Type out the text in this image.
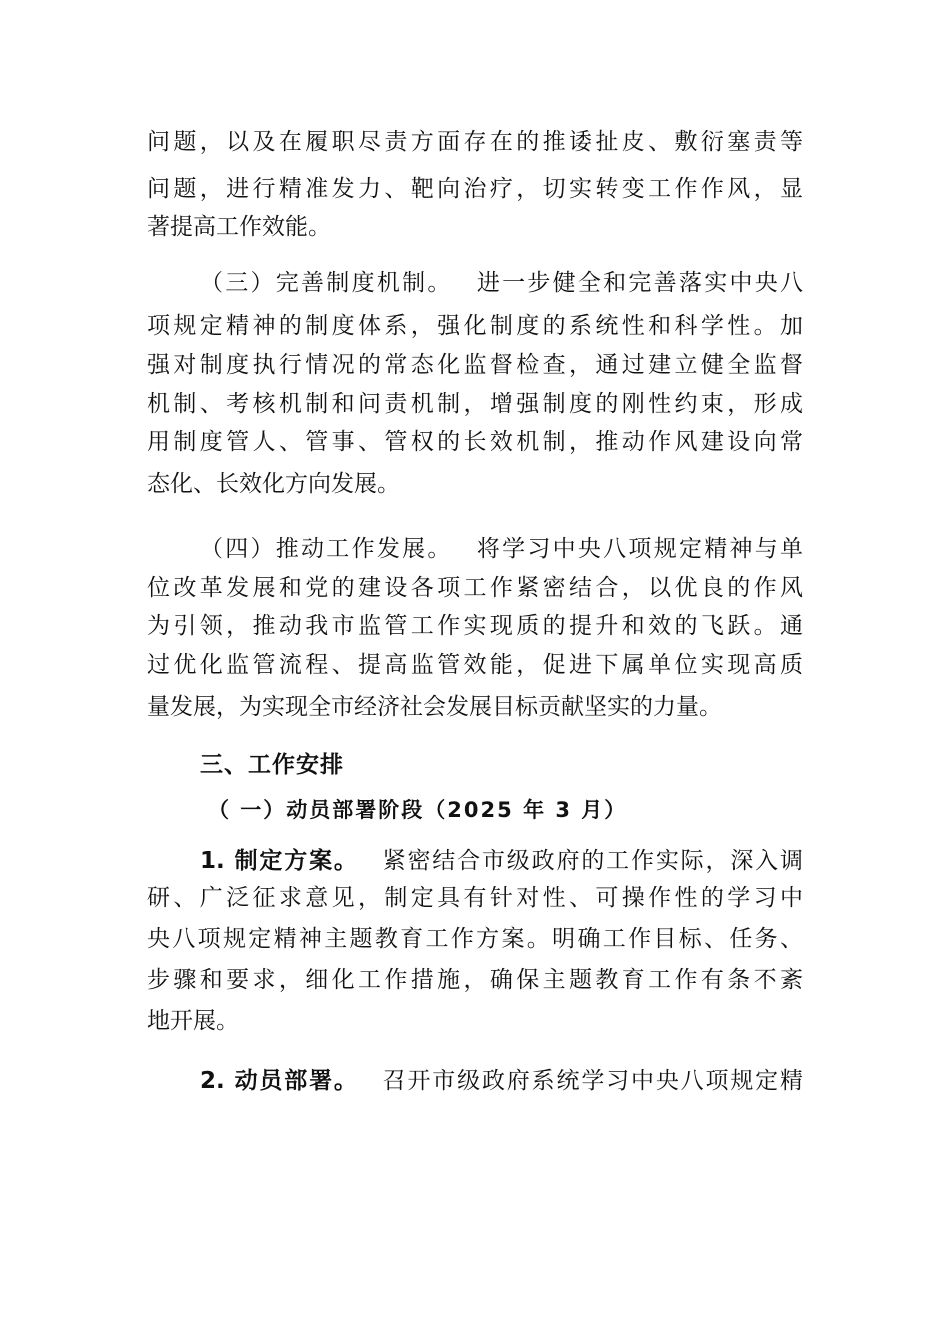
问题，以及在履职尽责方面存在的推诿扯皮、敷衍塞责等
问题，进行精准发力、靶向治疗，切实转变工作作风，显
著提高工作效能。
（三）完善制度机制。 进一步健全和完善落实中央八
项规定精神的制度体系，强化制度的系统性和科学性。加
强对制度执行情况的常态化监督检查，通过建立健全监督
机制、考核机制和问责机制，增强制度的刚性约束，形成
用制度管人、管事、管权的长效机制，推动作风建设向常
态化、长效化方向发展。
（四）推动工作发展。 将学习中央八项规定精神与单
位改革发展和党的建设各项工作紧密结合，以优良的作风
为引领，推动我市监管工作实现质的提升和效的飞跃。通
过优化监管流程、提高监管效能，促进下属单位实现高质
量发展，为实现全市经济社会发展目标贡献坚实的力量。
三、工作安排
（ 一）动员部署阶段（2025 年 3 月）
1. 制定方案。 紧密结合市级政府的工作实际，深入调
研、广泛征求意见，制定具有针对性、可操作性的学习中
央八项规定精神主题教育工作方案。明确工作目标、任务、
步骤和要求，细化工作措施，确保主题教育工作有条不紊
地开展。
2. 动员部署。 召开市级政府系统学习中央八项规定精
